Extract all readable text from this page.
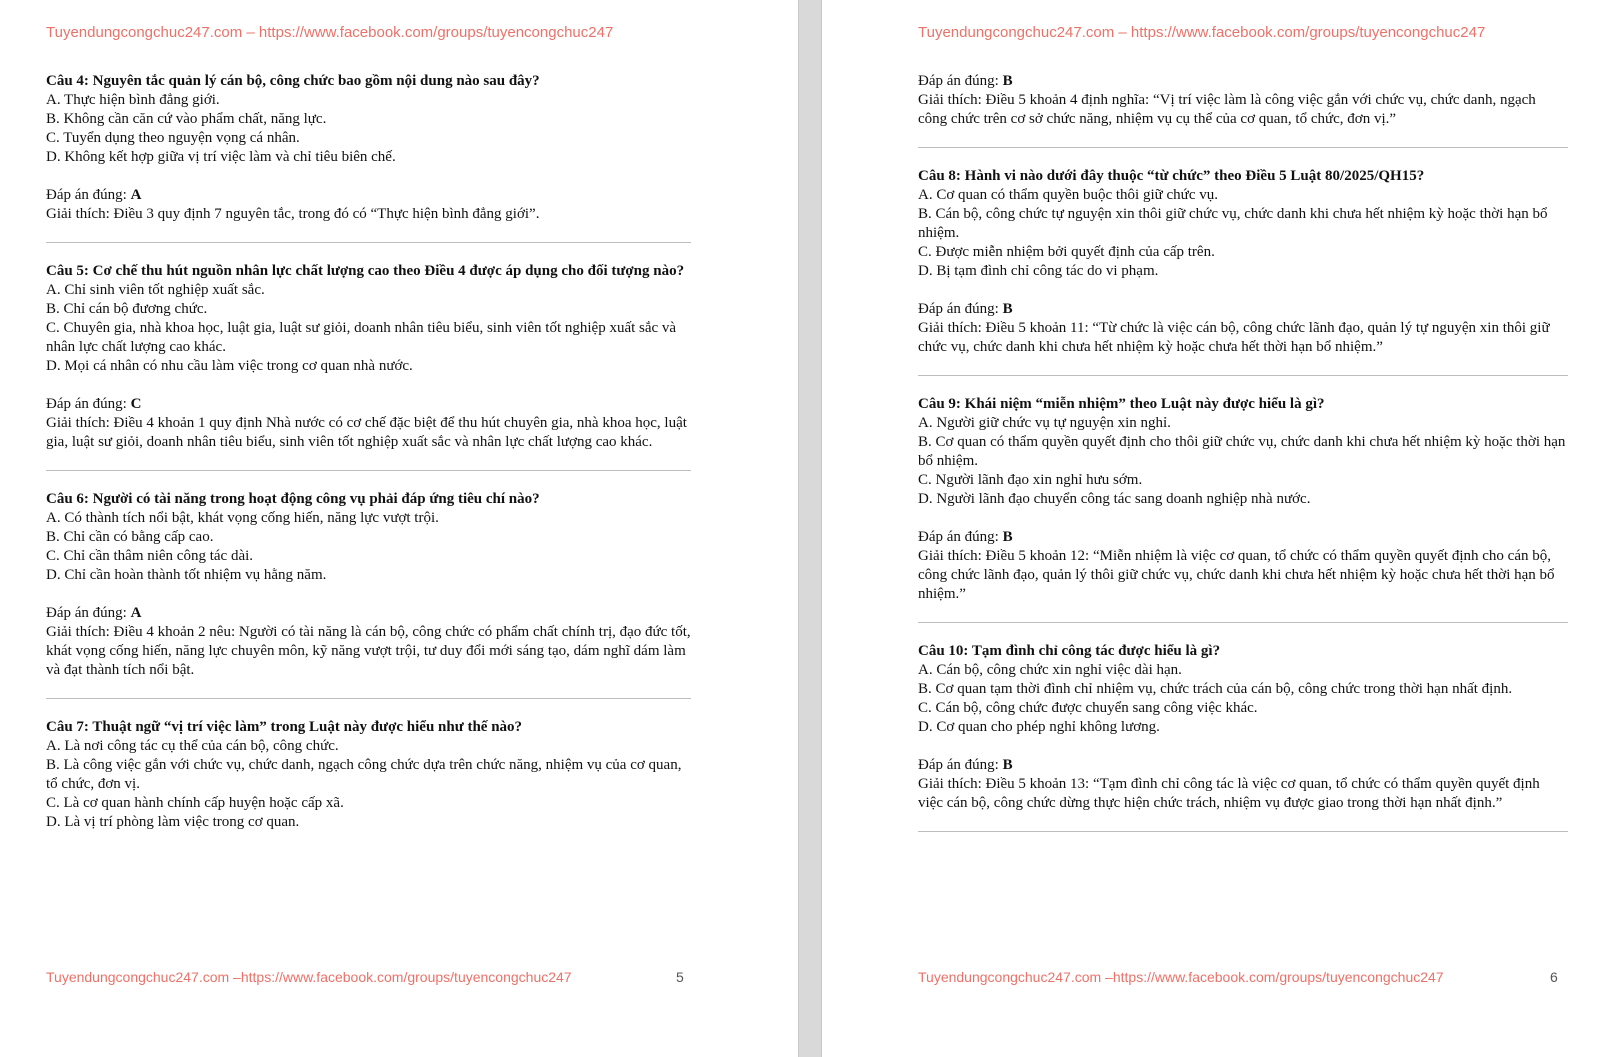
Tuyendungcongchuc247.com – https://www.facebook.com/groups/tuyencongchuc247

Câu 4: Nguyên tắc quản lý cán bộ, công chức bao gồm nội dung nào sau đây?

A. Thực hiện bình đẳng giới.

B. Không cần căn cứ vào phẩm chất, năng lực.

C. Tuyển dụng theo nguyện vọng cá nhân.

D. Không kết hợp giữa vị trí việc làm và chỉ tiêu biên chế.

Đáp án đúng: A

Giải thích: Điều 3 quy định 7 nguyên tắc, trong đó có “Thực hiện bình đẳng giới”.

Câu 5: Cơ chế thu hút nguồn nhân lực chất lượng cao theo Điều 4 được áp dụng cho đối tượng nào?

A. Chỉ sinh viên tốt nghiệp xuất sắc.

B. Chỉ cán bộ đương chức.

C. Chuyên gia, nhà khoa học, luật gia, luật sư giỏi, doanh nhân tiêu biểu, sinh viên tốt nghiệp xuất sắc và nhân lực chất lượng cao khác.

D. Mọi cá nhân có nhu cầu làm việc trong cơ quan nhà nước.

Đáp án đúng: C

Giải thích: Điều 4 khoản 1 quy định Nhà nước có cơ chế đặc biệt để thu hút chuyên gia, nhà khoa học, luật gia, luật sư giỏi, doanh nhân tiêu biểu, sinh viên tốt nghiệp xuất sắc và nhân lực chất lượng cao khác.

Câu 6: Người có tài năng trong hoạt động công vụ phải đáp ứng tiêu chí nào?

A. Có thành tích nổi bật, khát vọng cống hiến, năng lực vượt trội.

B. Chỉ cần có bằng cấp cao.

C. Chỉ cần thâm niên công tác dài.

D. Chỉ cần hoàn thành tốt nhiệm vụ hằng năm.

Đáp án đúng: A

Giải thích: Điều 4 khoản 2 nêu: Người có tài năng là cán bộ, công chức có phẩm chất chính trị, đạo đức tốt, khát vọng cống hiến, năng lực chuyên môn, kỹ năng vượt trội, tư duy đổi mới sáng tạo, dám nghĩ dám làm và đạt thành tích nổi bật.

Câu 7: Thuật ngữ “vị trí việc làm” trong Luật này được hiểu như thế nào?

A. Là nơi công tác cụ thể của cán bộ, công chức.

B. Là công việc gắn với chức vụ, chức danh, ngạch công chức dựa trên chức năng, nhiệm vụ của cơ quan, tổ chức, đơn vị.

C. Là cơ quan hành chính cấp huyện hoặc cấp xã.

D. Là vị trí phòng làm việc trong cơ quan.

Tuyendungcongchuc247.com –https://www.facebook.com/groups/tuyencongchuc247	5
Tuyendungcongchuc247.com – https://www.facebook.com/groups/tuyencongchuc247

Đáp án đúng: B

Giải thích: Điều 5 khoản 4 định nghĩa: “Vị trí việc làm là công việc gắn với chức vụ, chức danh, ngạch công chức trên cơ sở chức năng, nhiệm vụ cụ thể của cơ quan, tổ chức, đơn vị.”

Câu 8: Hành vi nào dưới đây thuộc “từ chức” theo Điều 5 Luật 80/2025/QH15?

A. Cơ quan có thẩm quyền buộc thôi giữ chức vụ.

B. Cán bộ, công chức tự nguyện xin thôi giữ chức vụ, chức danh khi chưa hết nhiệm kỳ hoặc thời hạn bổ nhiệm.

C. Được miễn nhiệm bởi quyết định của cấp trên.

D. Bị tạm đình chỉ công tác do vi phạm.

Đáp án đúng: B

Giải thích: Điều 5 khoản 11: “Từ chức là việc cán bộ, công chức lãnh đạo, quản lý tự nguyện xin thôi giữ chức vụ, chức danh khi chưa hết nhiệm kỳ hoặc chưa hết thời hạn bổ nhiệm.”

Câu 9: Khái niệm “miễn nhiệm” theo Luật này được hiểu là gì?

A. Người giữ chức vụ tự nguyện xin nghỉ.

B. Cơ quan có thẩm quyền quyết định cho thôi giữ chức vụ, chức danh khi chưa hết nhiệm kỳ hoặc thời hạn bổ nhiệm.

C. Người lãnh đạo xin nghỉ hưu sớm.

D. Người lãnh đạo chuyển công tác sang doanh nghiệp nhà nước.

Đáp án đúng: B

Giải thích: Điều 5 khoản 12: “Miễn nhiệm là việc cơ quan, tổ chức có thẩm quyền quyết định cho cán bộ, công chức lãnh đạo, quản lý thôi giữ chức vụ, chức danh khi chưa hết nhiệm kỳ hoặc chưa hết thời hạn bổ nhiệm.”

Câu 10: Tạm đình chỉ công tác được hiểu là gì?

A. Cán bộ, công chức xin nghỉ việc dài hạn.

B. Cơ quan tạm thời đình chỉ nhiệm vụ, chức trách của cán bộ, công chức trong thời hạn nhất định.

C. Cán bộ, công chức được chuyển sang công việc khác.

D. Cơ quan cho phép nghỉ không lương.

Đáp án đúng: B

Giải thích: Điều 5 khoản 13: “Tạm đình chỉ công tác là việc cơ quan, tổ chức có thẩm quyền quyết định việc cán bộ, công chức dừng thực hiện chức trách, nhiệm vụ được giao trong thời hạn nhất định.”

Tuyendungcongchuc247.com –https://www.facebook.com/groups/tuyencongchuc247	6
